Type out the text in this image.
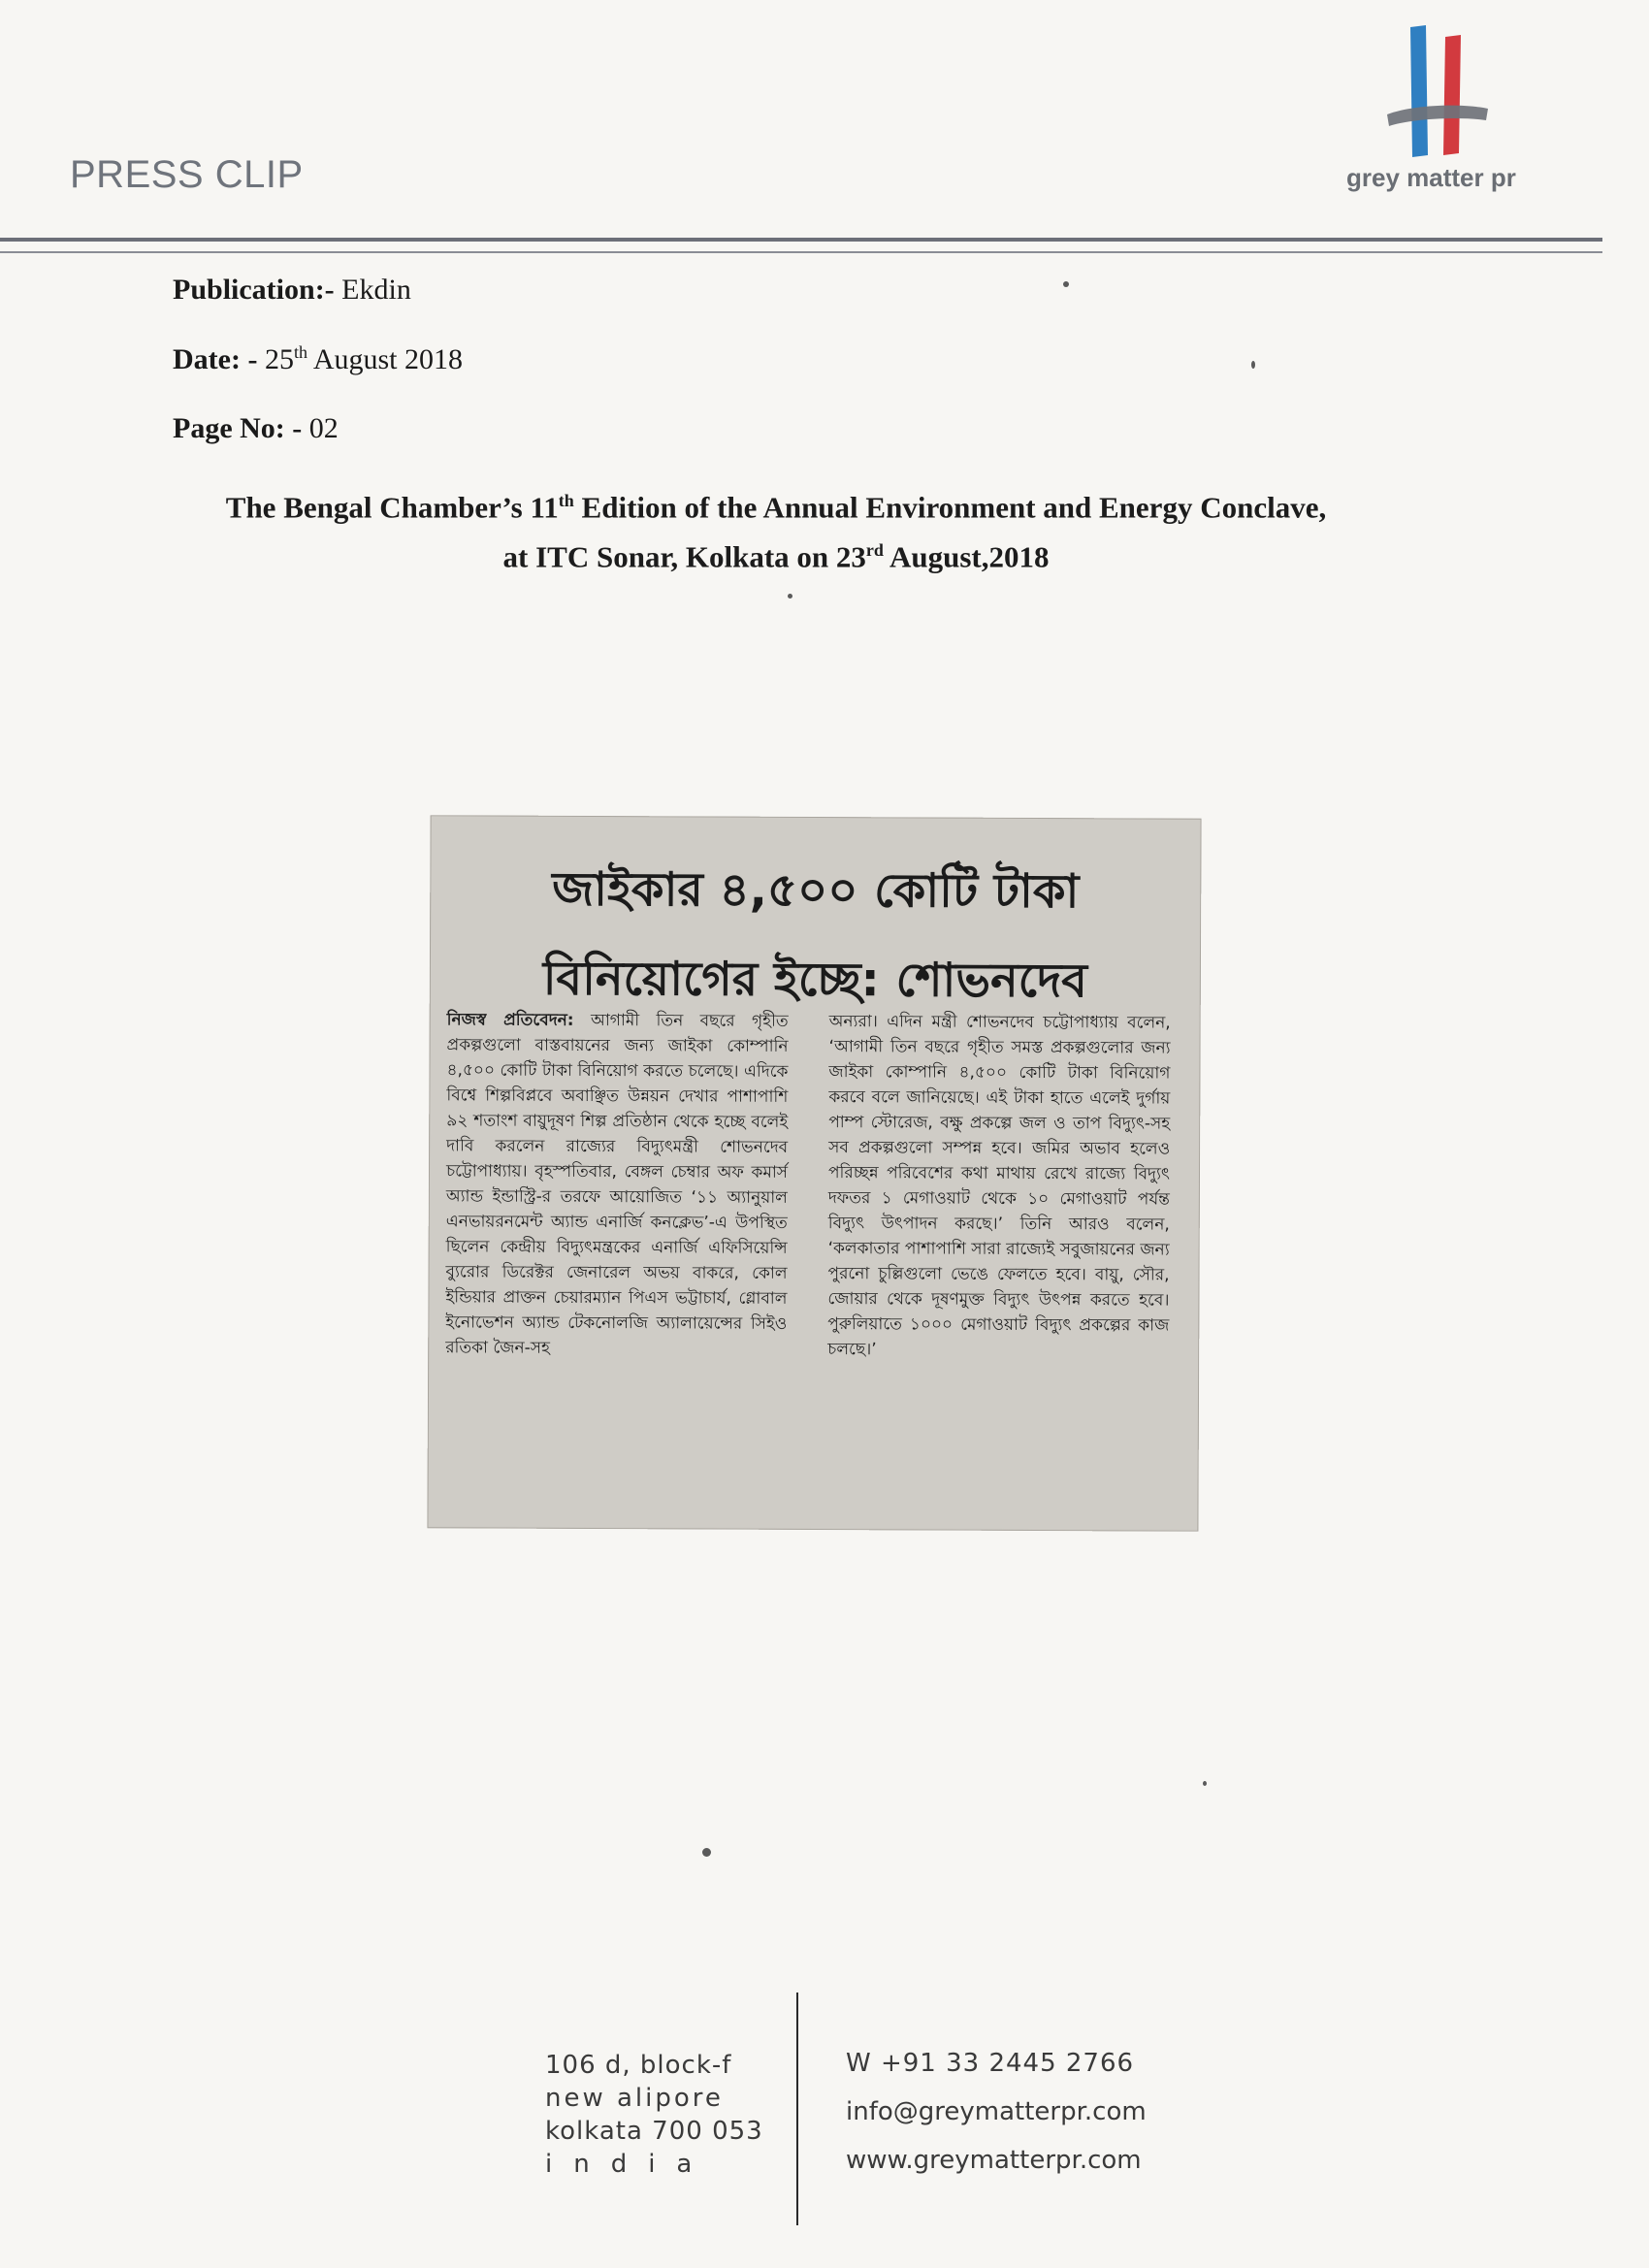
PRESS CLIP	grey matter pr
Publication:- Ekdin
Date: - 25th August 2018
Page No: - 02
The Bengal Chamber’s 11th Edition of the Annual Environment and Energy Conclave,
at ITC Sonar, Kolkata on 23rd August,2018
জাইকার ৪,৫০০ কোটি টাকা
বিনিয়োগের ইচ্ছে: শোভনদেব
নিজস্ব প্রতিবেদন: আগামী তিন বছরে গৃহীত প্রকল্পগুলো বাস্তবায়নের জন্য জাইকা কোম্পানি ৪,৫০০ কোটি টাকা বিনিয়োগ করতে চলেছে। এদিকে বিশ্বে শিল্পবিপ্লবে অবাঞ্ছিত উন্নয়ন দেখার পাশাপাশি ৯২ শতাংশ বায়ুদূষণ শিল্প প্রতিষ্ঠান থেকে হচ্ছে বলেই দাবি করলেন রাজ্যের বিদ্যুৎমন্ত্রী শোভনদেব চট্টোপাধ্যায়। বৃহস্পতিবার, বেঙ্গল চেম্বার অফ কমার্স অ্যান্ড ইন্ডাস্ট্রি-র তরফে আয়োজিত ‘১১ অ্যানুয়াল এনভায়রনমেন্ট অ্যান্ড এনার্জি কনক্লেভ’-এ উপস্থিত ছিলেন কেন্দ্রীয় বিদ্যুৎমন্ত্রকের এনার্জি এফিসিয়েন্সি ব্যুরোর ডিরেক্টর জেনারেল অভয় বাকরে, কোল ইন্ডিয়ার প্রাক্তন চেয়ারম্যান পিএস ভট্টাচার্য, গ্লোবাল ইনোভেশন অ্যান্ড টেকনোলজি অ্যালায়েন্সের সিইও রতিকা জৈন-সহ
অন্যরা। এদিন মন্ত্রী শোভনদেব চট্টোপাধ্যায় বলেন, ‘আগামী তিন বছরে গৃহীত সমস্ত প্রকল্পগুলোর জন্য জাইকা কোম্পানি ৪,৫০০ কোটি টাকা বিনিয়োগ করবে বলে জানিয়েছে। এই টাকা হাতে এলেই দুর্গায় পাম্প স্টোরেজ, বক্ষু প্রকল্পে জল ও তাপ বিদ্যুৎ-সহ সব প্রকল্পগুলো সম্পন্ন হবে। জমির অভাব হলেও পরিচ্ছন্ন পরিবেশের কথা মাথায় রেখে রাজ্যে বিদ্যুৎ দফতর ১ মেগাওয়াট থেকে ১০ মেগাওয়াট পর্যন্ত বিদ্যুৎ উৎপাদন করছে।’ তিনি আরও বলেন, ‘কলকাতার পাশাপাশি সারা রাজ্যেই সবুজায়নের জন্য পুরনো চুল্লিগুলো ভেঙে ফেলতে হবে। বায়ু, সৌর, জোয়ার থেকে দূষণমুক্ত বিদ্যুৎ উৎপন্ন করতে হবে। পুরুলিয়াতে ১০০০ মেগাওয়াট বিদ্যুৎ প্রকল্পের কাজ চলছে।’
106 d, block-f
new alipore
kolkata 700 053
india
W +91 33 2445 2766
info@greymatterpr.com
www.greymatterpr.com
